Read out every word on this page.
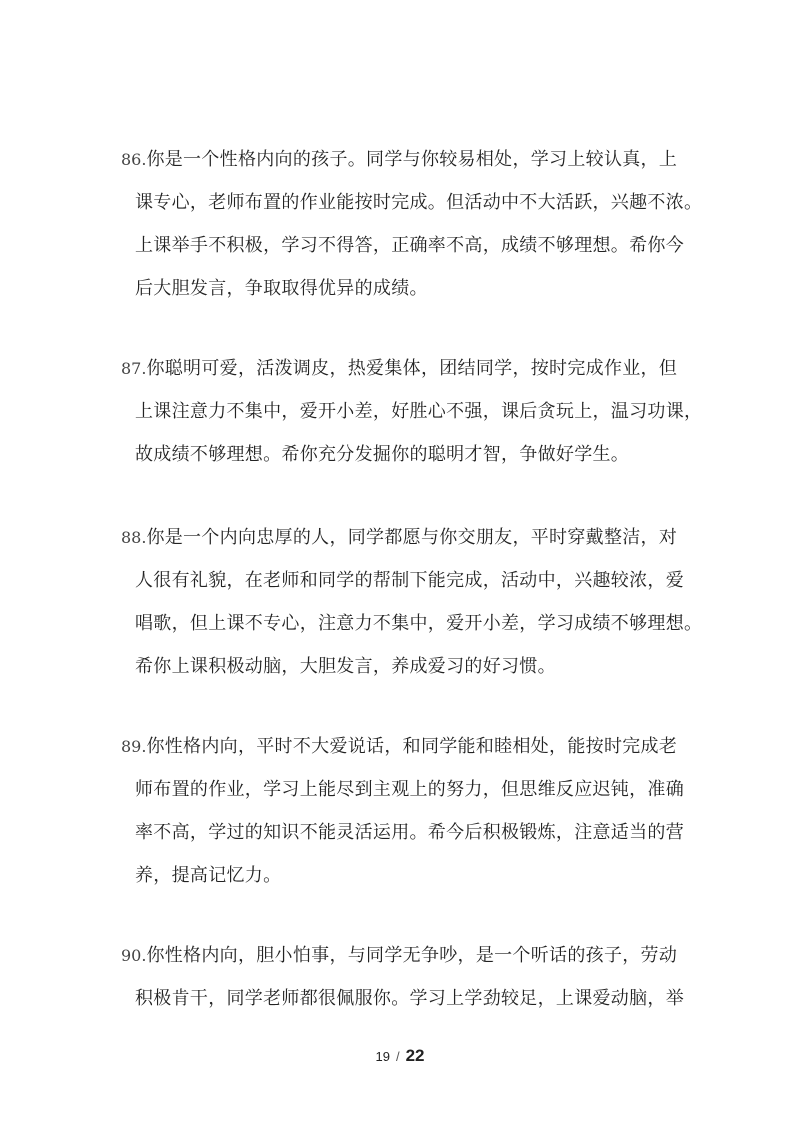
86.你是一个性格内向的孩子。同学与你较易相处，学习上较认真，上
课专心，老师布置的作业能按时完成。但活动中不大活跃，兴趣不浓。
上课举手不积极，学习不得答，正确率不高，成绩不够理想。希你今
后大胆发言，争取取得优异的成绩。
87.你聪明可爱，活泼调皮，热爱集体，团结同学，按时完成作业，但
上课注意力不集中，爱开小差，好胜心不强，课后贪玩上，温习功课，
故成绩不够理想。希你充分发掘你的聪明才智，争做好学生。
88.你是一个内向忠厚的人，同学都愿与你交朋友，平时穿戴整洁，对
人很有礼貌，在老师和同学的帮制下能完成，活动中，兴趣较浓，爱
唱歌，但上课不专心，注意力不集中，爱开小差，学习成绩不够理想。
希你上课积极动脑，大胆发言，养成爱习的好习惯。
89.你性格内向，平时不大爱说话，和同学能和睦相处，能按时完成老
师布置的作业，学习上能尽到主观上的努力，但思维反应迟钝，准确
率不高，学过的知识不能灵活运用。希今后积极锻炼，注意适当的营
养，提高记忆力。
90.你性格内向，胆小怕事，与同学无争吵，是一个听话的孩子，劳动
积极肯干，同学老师都很佩服你。学习上学劲较足，上课爱动脑，举
19 / 22
